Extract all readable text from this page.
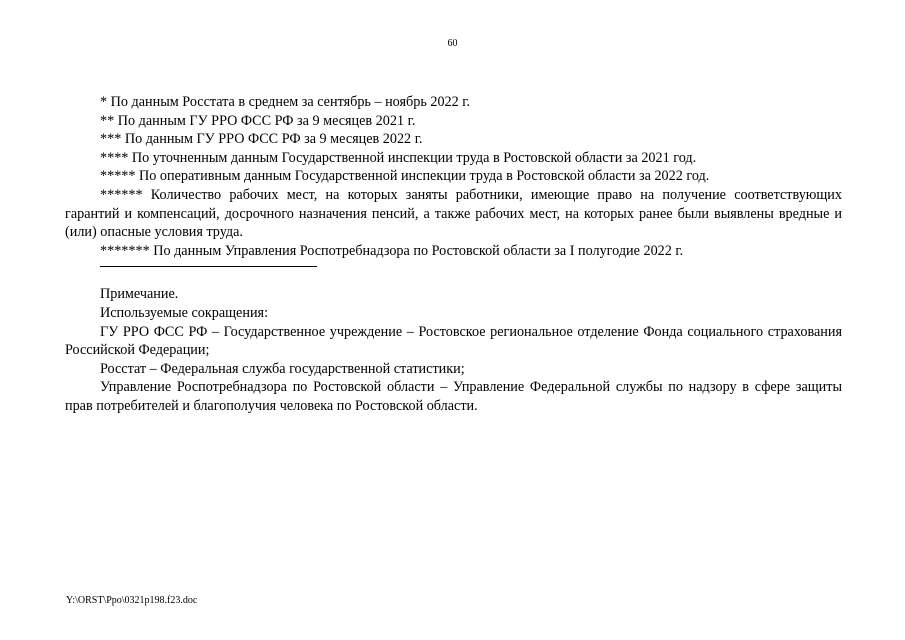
60

* По данным Росстата в среднем за сентябрь – ноябрь 2022 г.

** По данным ГУ РРО ФСС РФ за 9 месяцев 2021 г.

*** По данным ГУ РРО ФСС РФ за 9 месяцев 2022 г.

**** По уточненным данным Государственной инспекции труда в Ростовской области за 2021 год.

***** По оперативным данным Государственной инспекции труда в Ростовской области за 2022 год.

****** Количество рабочих мест, на которых заняты работники, имеющие право на получение соответствующих гарантий и компенсаций, досрочного назначения пенсий, а также рабочих мест, на которых ранее были выявлены вредные и (или) опасные условия труда.

******* По данным Управления Роспотребнадзора по Ростовской области за I полугодие 2022 г.

Примечание.

Используемые сокращения:

ГУ РРО ФСС РФ – Государственное учреждение – Ростовское региональное отделение Фонда социального страхования Российской Федерации;

Росстат – Федеральная служба государственной статистики;

Управление Роспотребнадзора по Ростовской области – Управление Федеральной службы по надзору в сфере защиты прав потребителей и благополучия человека по Ростовской области.

Y:\ORST\Ppo\0321p198.f23.doc
